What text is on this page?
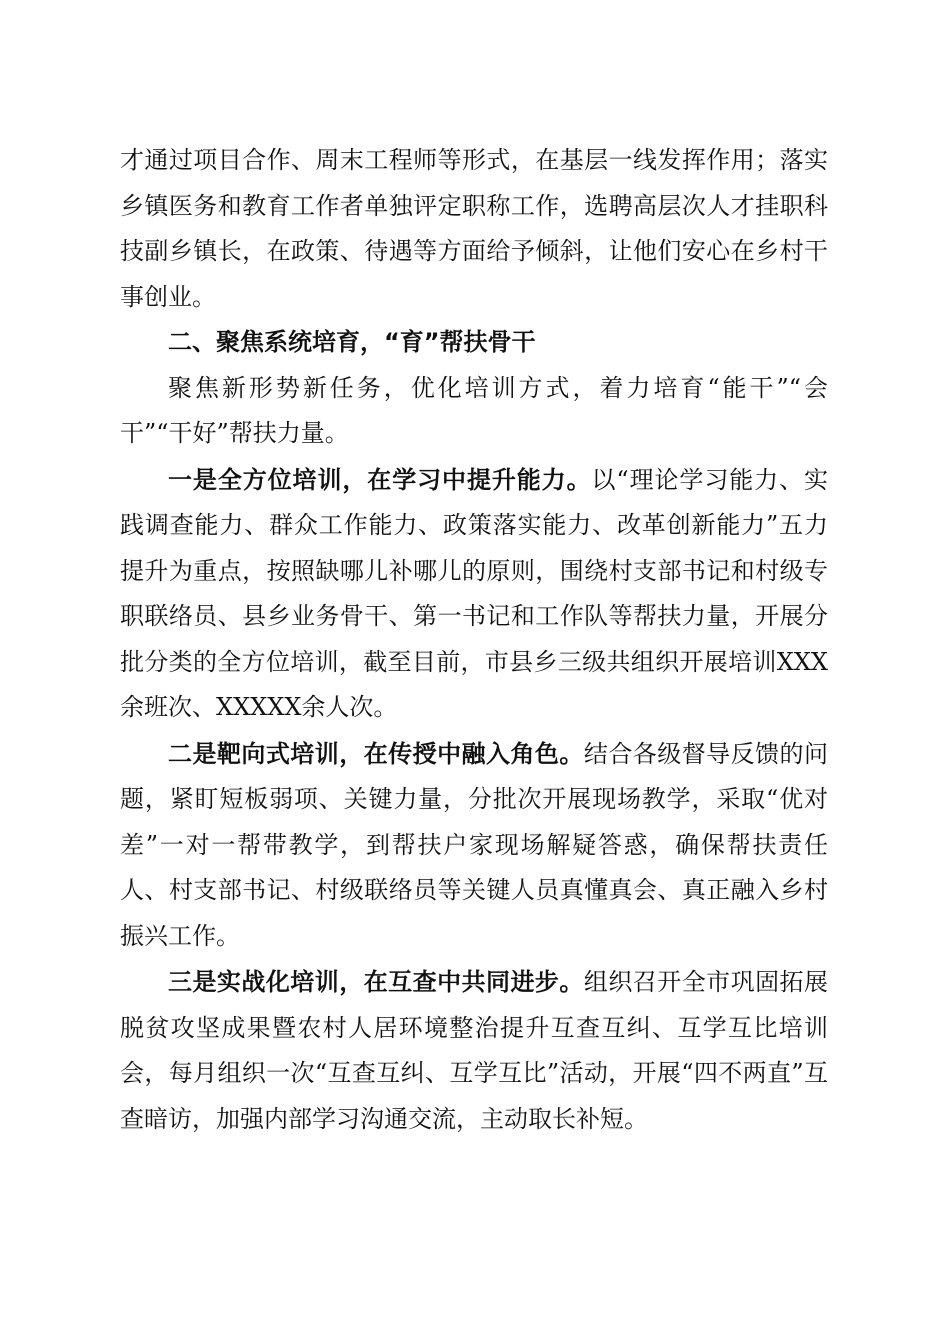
才通过项目合作、周末工程师等形式，在基层一线发挥作用；落实乡镇医务和教育工作者单独评定职称工作，选聘高层次人才挂职科技副乡镇长，在政策、待遇等方面给予倾斜，让他们安心在乡村干事创业。

二、聚焦系统培育，“育”帮扶骨干

聚焦新形势新任务，优化培训方式，着力培育“能干”“会干”“干好”帮扶力量。

一是全方位培训，在学习中提升能力。以“理论学习能力、实践调查能力、群众工作能力、政策落实能力、改革创新能力”五力提升为重点，按照缺哪儿补哪儿的原则，围绕村支部书记和村级专职联络员、县乡业务骨干、第一书记和工作队等帮扶力量，开展分批分类的全方位培训，截至目前，市县乡三级共组织开展培训XXX余班次、XXXXX余人次。

二是靶向式培训，在传授中融入角色。结合各级督导反馈的问题，紧盯短板弱项、关键力量，分批次开展现场教学，采取“优对差”一对一帮带教学，到帮扶户家现场解疑答惑，确保帮扶责任人、村支部书记、村级联络员等关键人员真懂真会、真正融入乡村振兴工作。

三是实战化培训，在互查中共同进步。组织召开全市巩固拓展脱贫攻坚成果暨农村人居环境整治提升互查互纠、互学互比培训会，每月组织一次“互查互纠、互学互比”活动，开展“四不两直”互查暗访，加强内部学习沟通交流，主动取长补短。
